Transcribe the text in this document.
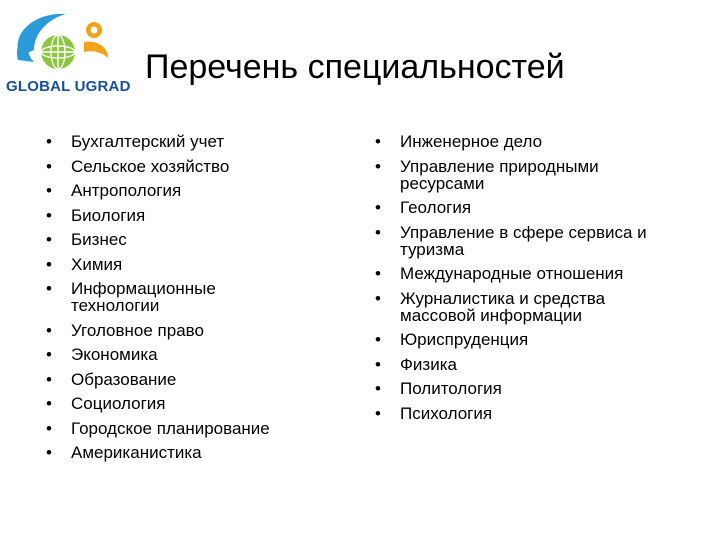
GLOBAL UGRAD
Перечень специальностей
• Бухгалтерский учет
• Сельское хозяйство
• Антропология
• Биология
• Бизнес
• Химия
• Информационные технологии
• Уголовное право
• Экономика
• Образование
• Социология
• Городское планирование
• Американистика
• Инженерное дело
• Управление природными ресурсами
• Геология
• Управление в сфере сервиса и туризма
• Международные отношения
• Журналистика и средства массовой информации
• Юриспруденция
• Физика
• Политология
• Психология
